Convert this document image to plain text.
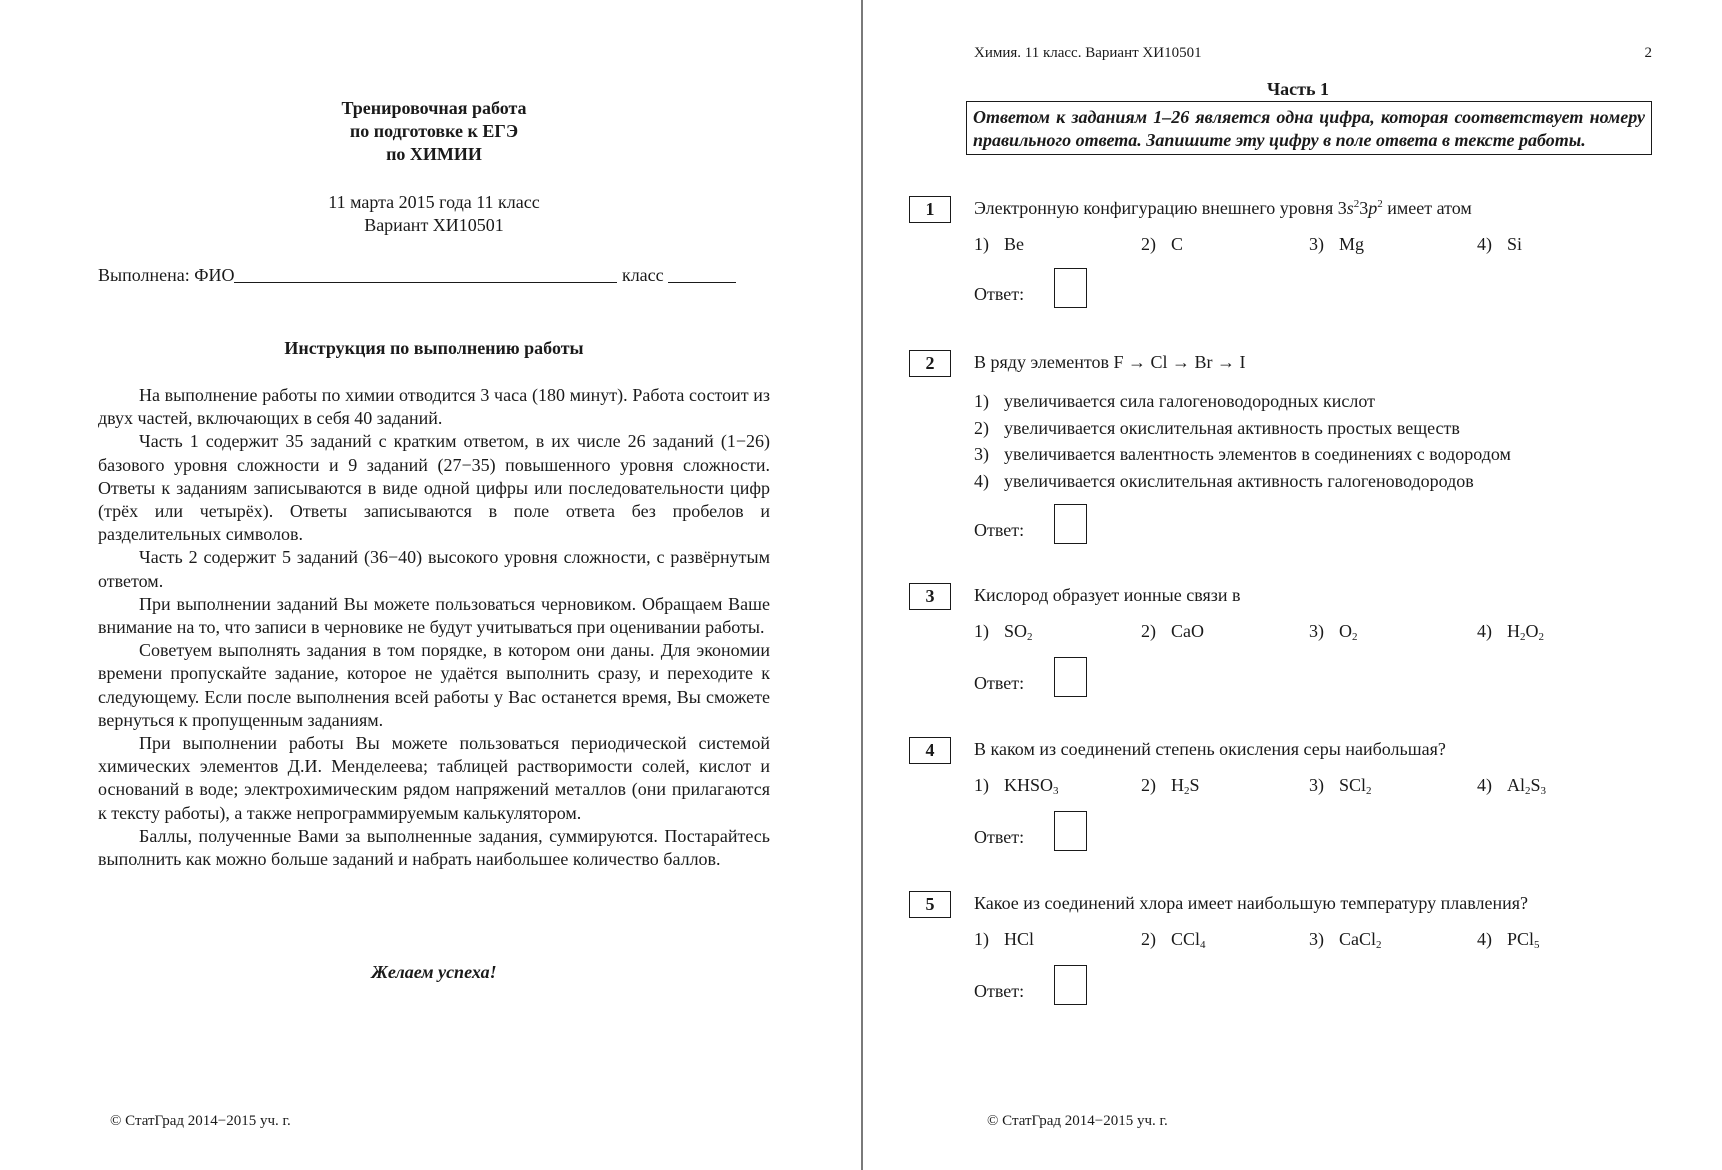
Тренировочная работа
по подготовке к ЕГЭ
по ХИМИИ
11 марта 2015 года 11 класс
Вариант ХИ10501
Выполнена: ФИО	класс
Инструкция по выполнению работы

На выполнение работы по химии отводится 3 часа (180 минут). Работа состоит из двух частей, включающих в себя 40 заданий.

Часть 1 содержит 35 заданий с кратким ответом, в их числе 26 заданий (1−26) базового уровня сложности и 9 заданий (27−35) повышенного уровня сложности. Ответы к заданиям записываются в виде одной цифры или последовательности цифр (трёх или четырёх). Ответы записываются в поле ответа без пробелов и разделительных символов.

Часть 2 содержит 5 заданий (36−40) высокого уровня сложности, с развёрнутым ответом.

При выполнении заданий Вы можете пользоваться черновиком. Обращаем Ваше внимание на то, что записи в черновике не будут учитываться при оценивании работы.

Советуем выполнять задания в том порядке, в котором они даны. Для экономии времени пропускайте задание, которое не удаётся выполнить сразу, и переходите к следующему. Если после выполнения всей работы у Вас останется время, Вы сможете вернуться к пропущенным заданиям.

При выполнении работы Вы можете пользоваться периодической системой химических элементов Д.И. Менделеева; таблицей растворимости солей, кислот и оснований в воде; электрохимическим рядом напряжений металлов (они прилагаются к тексту работы), а также непрограммируемым калькулятором.

Баллы, полученные Вами за выполненные задания, суммируются. Постарайтесь выполнить как можно больше заданий и набрать наибольшее количество баллов.

Желаем успеха!
© СтатГрад 2014−2015 уч. г.
Химия. 11 класс. Вариант ХИ10501	2
Часть 1
Ответом к заданиям 1–26 является одна цифра, которая соответствует номеру правильного ответа. Запишите эту цифру в поле ответа в тексте работы.
1	Электронную конфигурацию внешнего уровня $3s^23p^2$ имеет атом
1) Be	2) C	3) Mg	4) Si
Ответ:
2	В ряду элементов F → Cl → Br → I
1) увеличивается сила галогеноводородных кислот
2) увеличивается окислительная активность простых веществ
3) увеличивается валентность элементов в соединениях с водородом
4) увеличивается окислительная активность галогеноводородов
Ответ:
3	Кислород образует ионные связи в
1) $SO_2$	2) CaO	3) $O_2$	4) $H_2O_2$
Ответ:
4	В каком из соединений степень окисления серы наибольшая?
1) $KHSO_3$	2) $H_2S$	3) SCl$_2$	4) $Al_2S_3$
Ответ:
5	Какое из соединений хлора имеет наибольшую температуру плавления?
1) HCl	2) CCl$_4$	3) CaCl$_2$	4) PCl$_5$
Ответ:
© СтатГрад 2014−2015 уч. г.
